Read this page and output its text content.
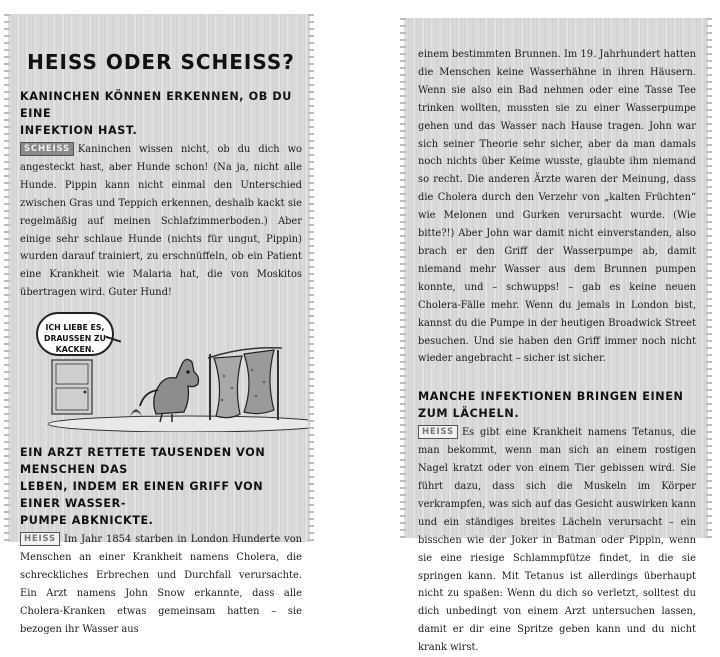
HEISS ODER SCHEISS?
KANINCHEN KÖNNEN ERKENNEN, OB DU EINE
INFEKTION HAST.

SCHEISS Kaninchen wissen nicht, ob du dich wo angesteckt hast, aber Hunde schon! (Na ja, nicht alle Hunde. Pippin kann nicht einmal den Unterschied zwischen Gras und Teppich erkennen, deshalb kackt sie regelmäßig auf meinen Schlafzimmerboden.) Aber einige sehr schlaue Hunde (nichts für ungut, Pippin) wurden darauf trainiert, zu erschnüffeln, ob ein Patient eine Krankheit wie Malaria hat, die von Moskitos übertragen wird. Guter Hund!

ICH LIEBE ES,
DRAUSSEN ZU
KACKEN.
EIN ARZT RETTETE TAUSENDEN VON MENSCHEN DAS
LEBEN, INDEM ER EINEN GRIFF VON EINER WASSER-
PUMPE ABKNICKTE.

HEISS Im Jahr 1854 starben in London Hunderte von Menschen an einer Krankheit namens Cholera, die schreckliches Erbrechen und Durchfall verursachte. Ein Arzt namens John Snow erkannte, dass alle Cholera-Kranken etwas gemeinsam hatten – sie bezogen ihr Wasser aus

einem bestimmten Brunnen. Im 19. Jahrhundert hatten die Menschen keine Wasserhähne in ihren Häusern. Wenn sie also ein Bad nehmen oder eine Tasse Tee trinken wollten, mussten sie zu einer Wasserpumpe gehen und das Wasser nach Hause tragen. John war sich seiner Theorie sehr sicher, aber da man damals noch nichts über Keime wusste, glaubte ihm niemand so recht. Die anderen Ärzte waren der Meinung, dass die Cholera durch den Verzehr von „kalten Früchten“ wie Melonen und Gurken verursacht wurde. (Wie bitte?!) Aber John war damit nicht einverstanden, also brach er den Griff der Wasserpumpe ab, damit niemand mehr Wasser aus dem Brunnen pumpen konnte, und – schwupps! – gab es keine neuen Cholera-Fälle mehr. Wenn du jemals in London bist, kannst du die Pumpe in der heutigen Broadwick Street besuchen. Und sie haben den Griff immer noch nicht wieder angebracht – sicher ist sicher.

MANCHE INFEKTIONEN BRINGEN EINEN ZUM LÄCHELN.

HEISS Es gibt eine Krankheit namens Tetanus, die man bekommt, wenn man sich an einem rostigen Nagel kratzt oder von einem Tier gebissen wird. Sie führt dazu, dass sich die Muskeln im Körper verkrampfen, was sich auf das Gesicht auswirken kann und ein ständiges breites Lächeln verursacht – ein bisschen wie der Joker in Batman oder Pippin, wenn sie eine riesige Schlammpfütze findet, in die sie springen kann. Mit Tetanus ist allerdings überhaupt nicht zu spaßen: Wenn du dich so verletzt, solltest du dich unbedingt von einem Arzt untersuchen lassen, damit er dir eine Spritze geben kann und du nicht krank wirst.
